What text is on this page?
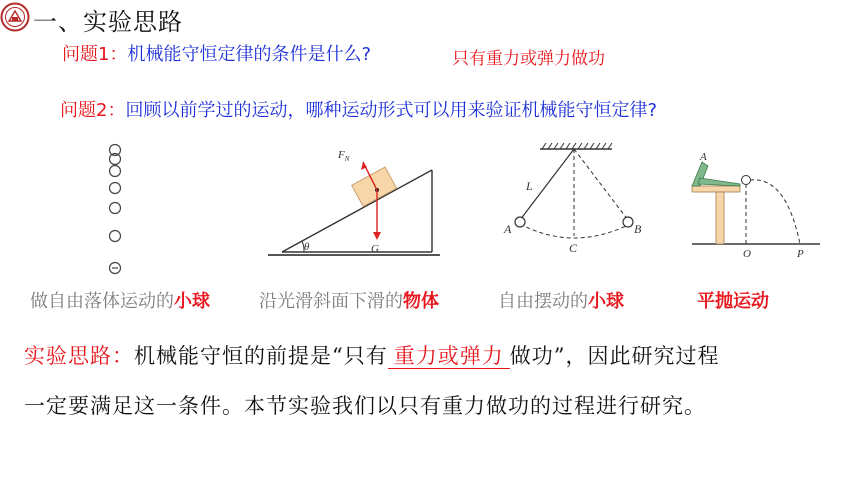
一、实验思路
问题1：机械能守恒定律的条件是什么?	只有重力或弹力做功
问题2：回顾以前学过的运动，哪种运动形式可以用来验证机械能守恒定律?
$F_N$
θ	G
L
A
C
B
A
O	P
做自由落体运动的小球	沿光滑斜面下滑的物体	自由摆动的小球	平抛运动
实验思路：机械能守恒的前提是“只有 重力或弹力 做功”，因此研究过程
一定要满足这一条件。本节实验我们以只有重力做功的过程进行研究。
